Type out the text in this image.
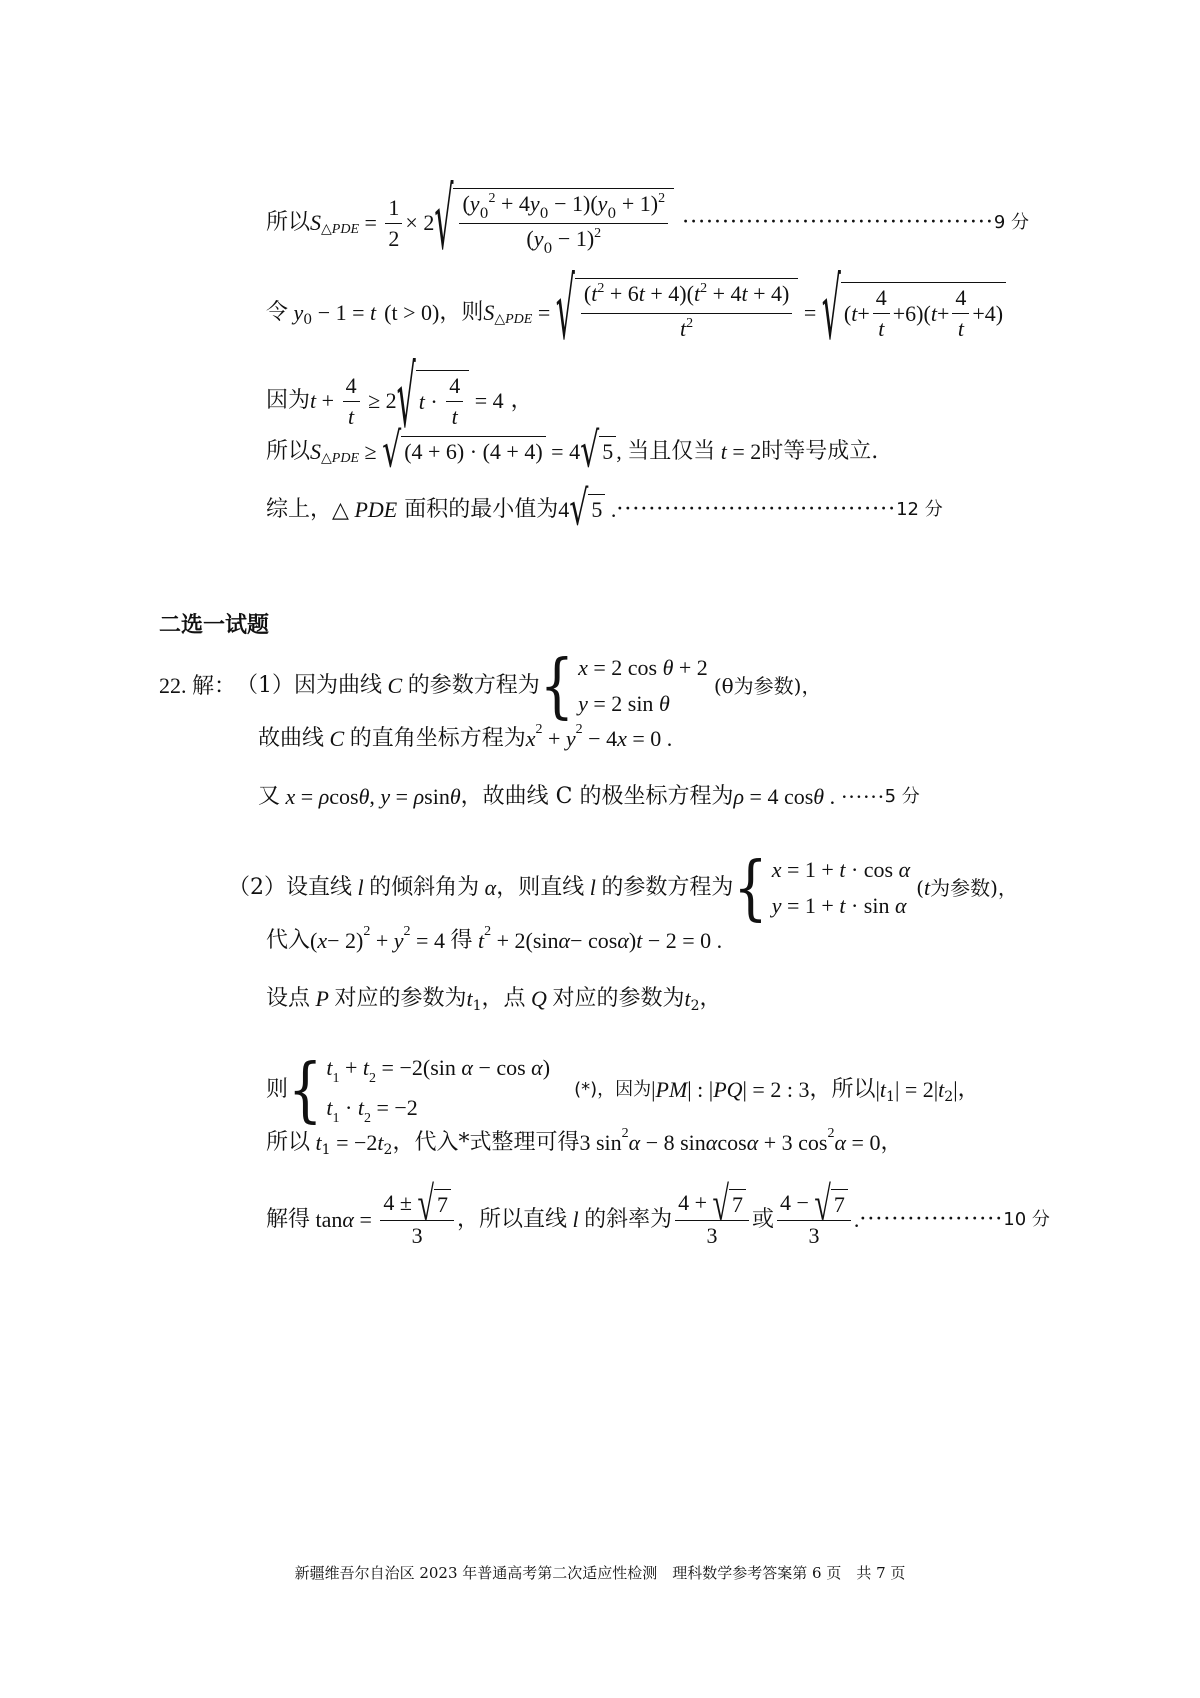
所以 S △PDE = $\frac{1}{2} \times 2$ √ $\frac{(y_0^2 + 4y_0 - 1)(y_0 + 1)^2}{(y_0 - 1)^2}$ ······································· 9 分
令 y 0 − 1 = t (t > 0) ，则 S △PDE = √ $\frac{(t^2 + 6t + 4)(t^2 + 4t + 4)}{t^2}$ = √ ( $t + \frac{4}{t} +6$)( $t + \frac{4}{t} +4$)
因为 $t + \frac{4}{t} \ge 2$ √ $t \cdot \frac{4}{t} = 4$ ，
所以 S △PDE ≥ √ (4 + 6) · (4 + 4) = 4 √ 5 , 当且仅当 t = 2 时等号成立.
综上， △ PDE
面积的最小值为 4 √ 5 . ··································· 12 分
二选一试题
22. 解： （1）因为曲线 C 的参数方程为 { x = 2 cos θ + 2
y = 2 sin θ
(θ为参数)，
故曲线 C 的直角坐标方程为 x 2 + y 2 − 4 x = 0 .
又 x = ρ cos θ , y = ρ sin θ ，故曲线 C 的极坐标方程为 ρ = 4 cos θ . ······ 5 分
（2）设直线 l 的倾斜角为 α ，则直线 l 的参数方程为 { x = 1 + t · cos α
y = 1 + t · sin α
( t 为参数)，
代入 ( x − 2) 2 + y 2 = 4 得 t 2 + 2(sin α − cos α ) t − 2 = 0 .
设点 P 对应的参数为 t 1 ，点 Q 对应的参数为 t 2 ，
则 { $t_1 + t_2 = -2(\sin$ α − cos α)
$t_1 \cdot t_2 = -2$
(*)，因为 | PM | : | PQ | = 2 : 3 ，所以 | t 1 | = 2| t 2 | ，
所以 t 1 = −2 t 2 ，代入*式整理可得 3 sin 2 α − 8 sin α cos α + 3 cos 2 α = 0 ，
解得 $\tan \alpha = \frac{4 \pm √ 7}{3}$ ，所以直线 l 的斜率为 $\frac{4 + √ 7}{3}$ 或 $\frac{4 - √ 7}{3}$ . ·················· 10 分
新疆维吾尔自治区 2023 年普通高考第二次适应性检测　理科数学参考答案第 6 页　共 7 页
